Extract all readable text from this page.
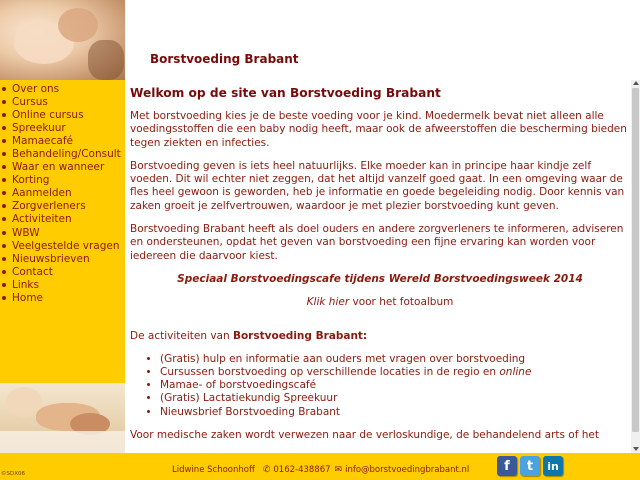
Borstvoeding Brabant
Over ons
Cursus
Online cursus
Spreekuur
Mamaecafé
Behandeling/Consult
Waar en wanneer
Korting
Aanmelden
Zorgverleners
Activiteiten
WBW
Veelgestelde vragen
Nieuwsbrieven
Contact
Links
Home
Welkom op de site van Borstvoeding Brabant

Met borstvoeding kies je de beste voeding voor je kind. Moedermelk bevat niet alleen alle voedingsstoffen die een baby nodig heeft, maar ook de afweerstoffen die bescherming bieden tegen ziekten en infecties.

Borstvoeding geven is iets heel natuurlijks. Elke moeder kan in principe haar kindje zelf voeden. Dit wil echter niet zeggen, dat het altijd vanzelf goed gaat. In een omgeving waar de fles heel gewoon is geworden, heb je informatie en goede begeleiding nodig. Door kennis van zaken groeit je zelfvertrouwen, waardoor je met plezier borstvoeding kunt geven.

Borstvoeding Brabant heeft als doel ouders en andere zorgverleners te informeren, adviseren en ondersteunen, opdat het geven van borstvoeding een fijne ervaring kan worden voor iedereen die daarvoor kiest.

Speciaal Borstvoedingscafe tijdens Wereld Borstvoedingsweek 2014

Klik hier voor het fotoalbum

De activiteiten van Borstvoeding Brabant:

• (Gratis) hulp en informatie aan ouders met vragen over borstvoeding
• Cursussen borstvoeding op verschillende locaties in de regio en online
• Mamae- of borstvoedingscafé
• (Gratis) Lactatiekundig Spreekuur
• Nieuwsbrief Borstvoeding Brabant

Voor medische zaken wordt verwezen naar de verloskundige, de behandelend arts of het

©SDX06	Lidwine Schoonhoff ✆ 0162-438867 ✉ info@borstvoedingbrabant.nl	f	t	in
